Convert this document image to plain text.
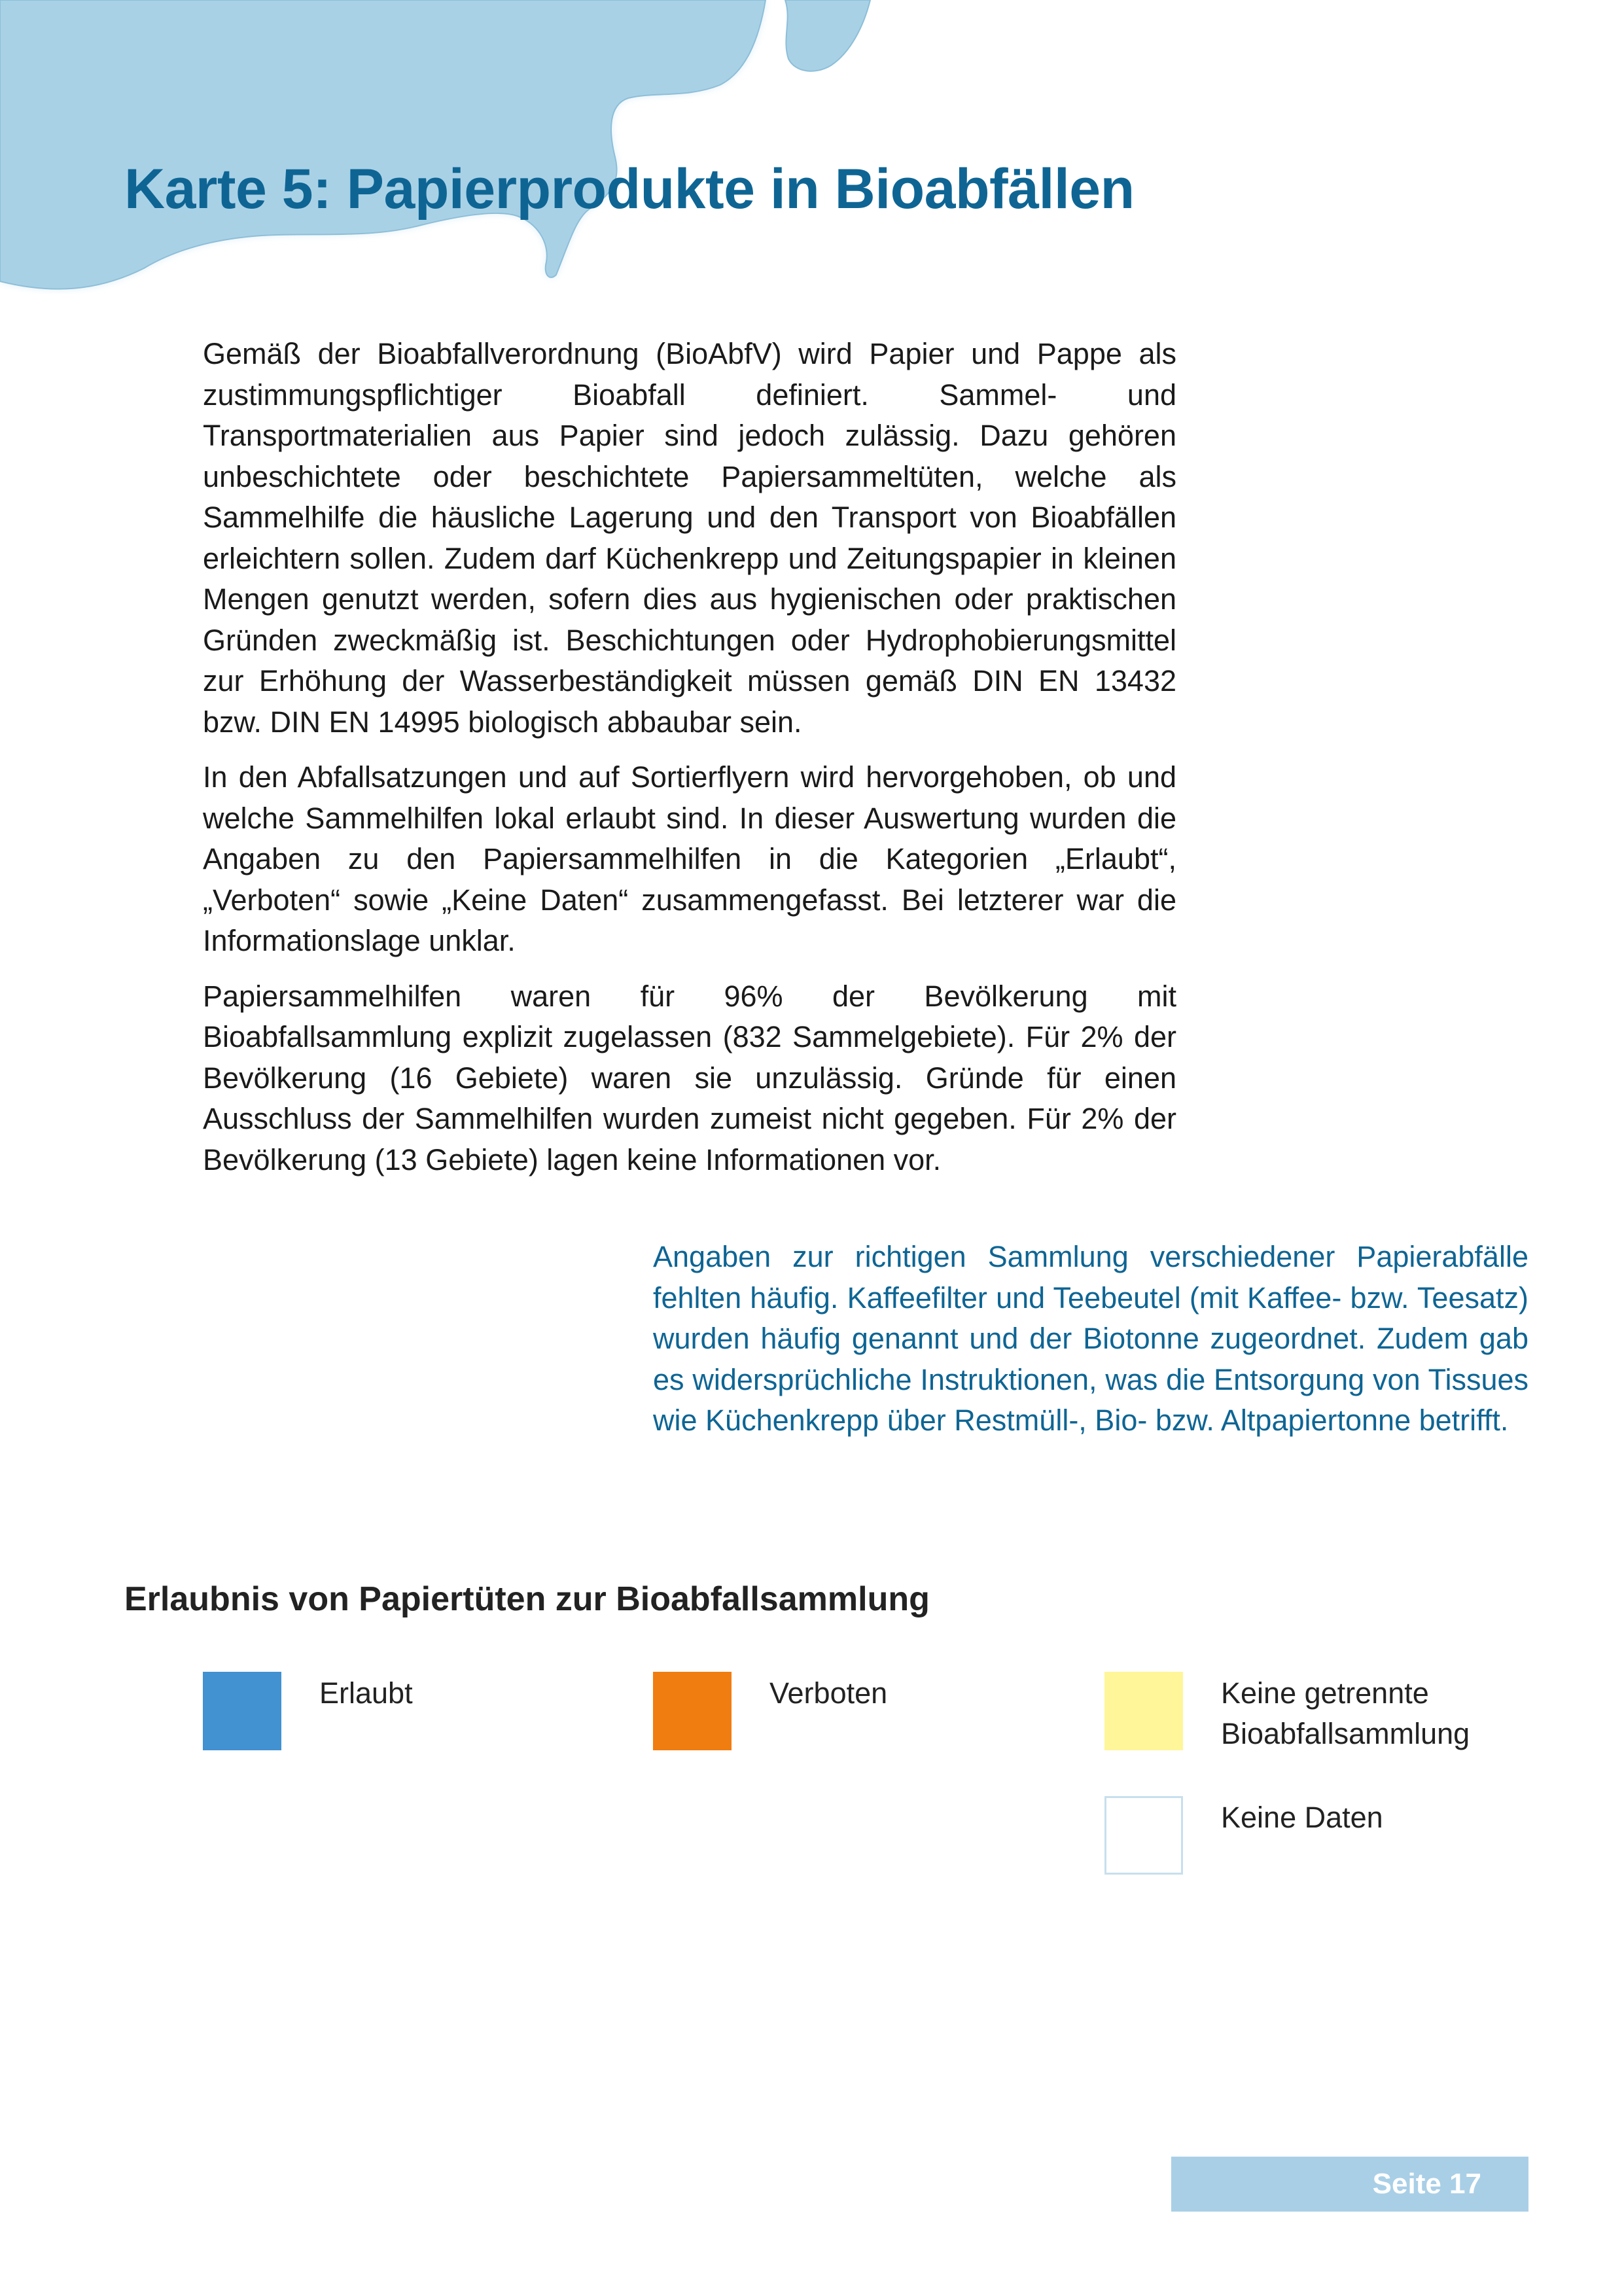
Karte 5: Papierprodukte in Bioabfällen

Gemäß der Bioabfallverordnung (BioAbfV) wird Papier und Pappe als zustimmungspflichtiger Bioabfall definiert. Sammel- und Transportmaterialien aus Papier sind jedoch zulässig. Dazu gehören unbeschichtete oder beschichtete Papiersammeltüten, welche als Sammelhilfe die häusliche Lagerung und den Transport von Bioabfällen erleichtern sollen. Zudem darf Küchenkrepp und Zeitungspapier in kleinen Mengen genutzt werden, sofern dies aus hygienischen oder praktischen Gründen zweckmäßig ist. Beschichtungen oder Hydrophobierungsmittel zur Erhöhung der Wasserbeständigkeit müssen gemäß DIN EN 13432 bzw. DIN EN 14995 biologisch abbaubar sein.

In den Abfallsatzungen und auf Sortierflyern wird hervorgehoben, ob und welche Sammelhilfen lokal erlaubt sind. In dieser Auswertung wurden die Angaben zu den Papiersammelhilfen in die Kategorien „Erlaubt“, „Verboten“ sowie „Keine Daten“ zusammengefasst. Bei letzterer war die Informationslage unklar.

Papiersammelhilfen waren für 96% der Bevölkerung mit Bioabfallsammlung explizit zugelassen (832 Sammelgebiete). Für 2% der Bevölkerung (16 Gebiete) waren sie unzulässig. Gründe für einen Ausschluss der Sammelhilfen wurden zumeist nicht gegeben. Für 2% der Bevölkerung (13 Gebiete) lagen keine Informationen vor.

Angaben zur richtigen Sammlung verschiedener Papierabfälle fehlten häufig. Kaffeefilter und Teebeutel (mit Kaffee- bzw. Teesatz) wurden häufig genannt und der Biotonne zugeordnet. Zudem gab es widersprüchliche Instruktionen, was die Entsorgung von Tissues wie Küchenkrepp über Restmüll-, Bio- bzw. Altpapiertonne betrifft.

Erlaubnis von Papiertüten zur Bioabfallsammlung
Erlaubt	Verboten	Keine getrennte
Bioabfallsammlung
Keine Daten
Seite 17
